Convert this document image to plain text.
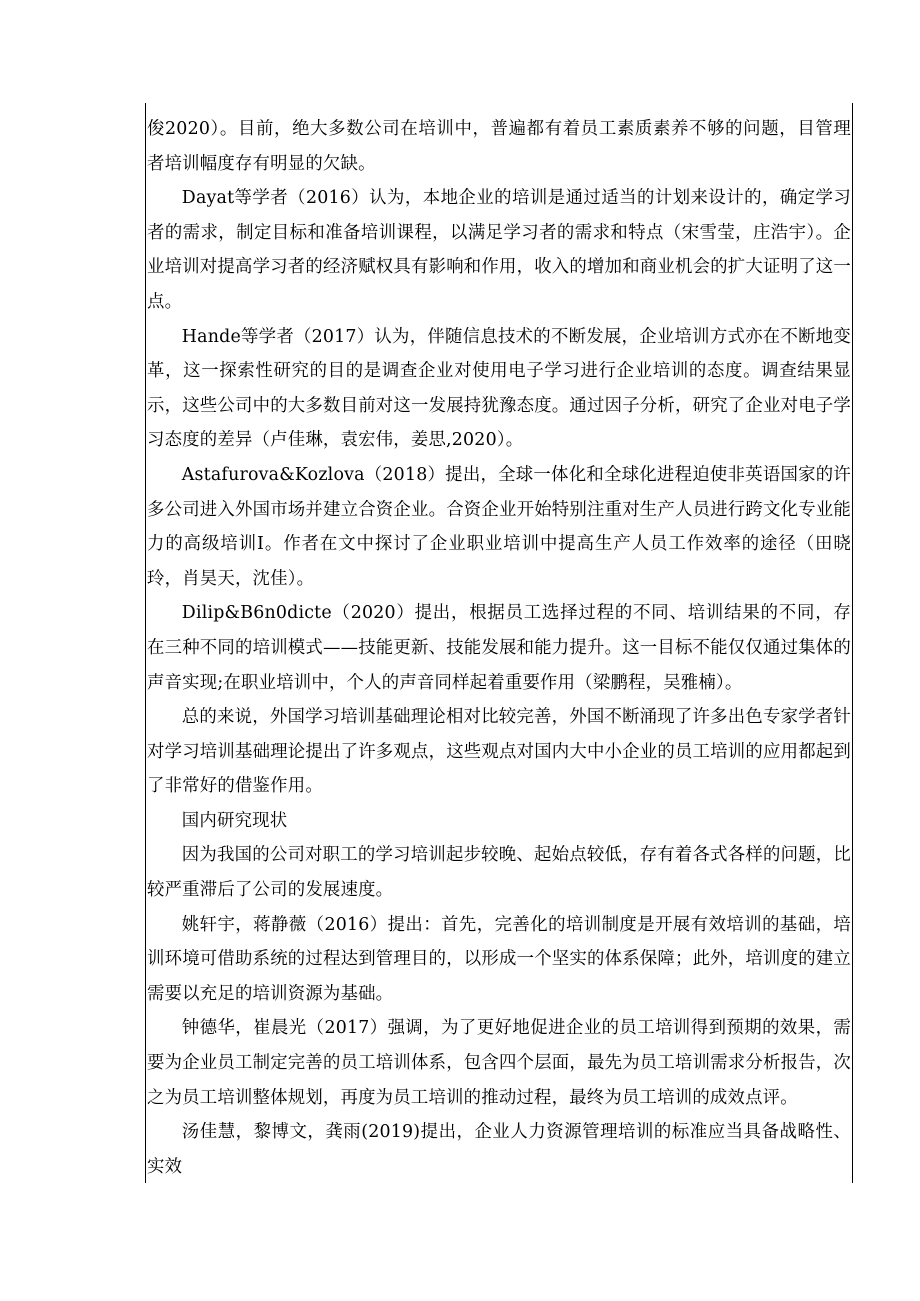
俊2020）。目前，绝大多数公司在培训中，普遍都有着员工素质素养不够的问题，目管理者培训幅度存有明显的欠缺。

Dayat等学者（2016）认为，本地企业的培训是通过适当的计划来设计的，确定学习者的需求，制定目标和准备培训课程，以满足学习者的需求和特点（宋雪莹，庄浩宇）。企业培训对提高学习者的经济赋权具有影响和作用，收入的增加和商业机会的扩大证明了这一点。

Hande等学者（2017）认为，伴随信息技术的不断发展，企业培训方式亦在不断地变革，这一探索性研究的目的是调查企业对使用电子学习进行企业培训的态度。调查结果显示，这些公司中的大多数目前对这一发展持犹豫态度。通过因子分析，研究了企业对电子学习态度的差异（卢佳琳，袁宏伟，姜思,2020）。

Astafurova&Kozlova（2018）提出，全球一体化和全球化进程迫使非英语国家的许多公司进入外国市场并建立合资企业。合资企业开始特别注重对生产人员进行跨文化专业能力的高级培训I。作者在文中探讨了企业职业培训中提高生产人员工作效率的途径（田晓玲，肖昊天，沈佳）。

Dilip&B6n0dicte（2020）提出，根据员工选择过程的不同、培训结果的不同，存在三种不同的培训模式——技能更新、技能发展和能力提升。这一目标不能仅仅通过集体的声音实现;在职业培训中，个人的声音同样起着重要作用（梁鹏程，吴雅楠）。

总的来说，外国学习培训基础理论相对比较完善，外国不断涌现了许多出色专家学者针对学习培训基础理论提出了许多观点，这些观点对国内大中小企业的员工培训的应用都起到了非常好的借鉴作用。

国内研究现状

因为我国的公司对职工的学习培训起步较晚、起始点较低，存有着各式各样的问题，比较严重滞后了公司的发展速度。

姚轩宇，蒋静薇（2016）提出：首先，完善化的培训制度是开展有效培训的基础，培训环境可借助系统的过程达到管理目的，以形成一个坚实的体系保障；此外，培训度的建立需要以充足的培训资源为基础。

钟德华，崔晨光（2017）强调，为了更好地促进企业的员工培训得到预期的效果，需要为企业员工制定完善的员工培训体系，包含四个层面，最先为员工培训需求分析报告，次之为员工培训整体规划，再度为员工培训的推动过程，最终为员工培训的成效点评。

汤佳慧，黎博文，龚雨(2019)提出，企业人力资源管理培训的标准应当具备战略性、实效
